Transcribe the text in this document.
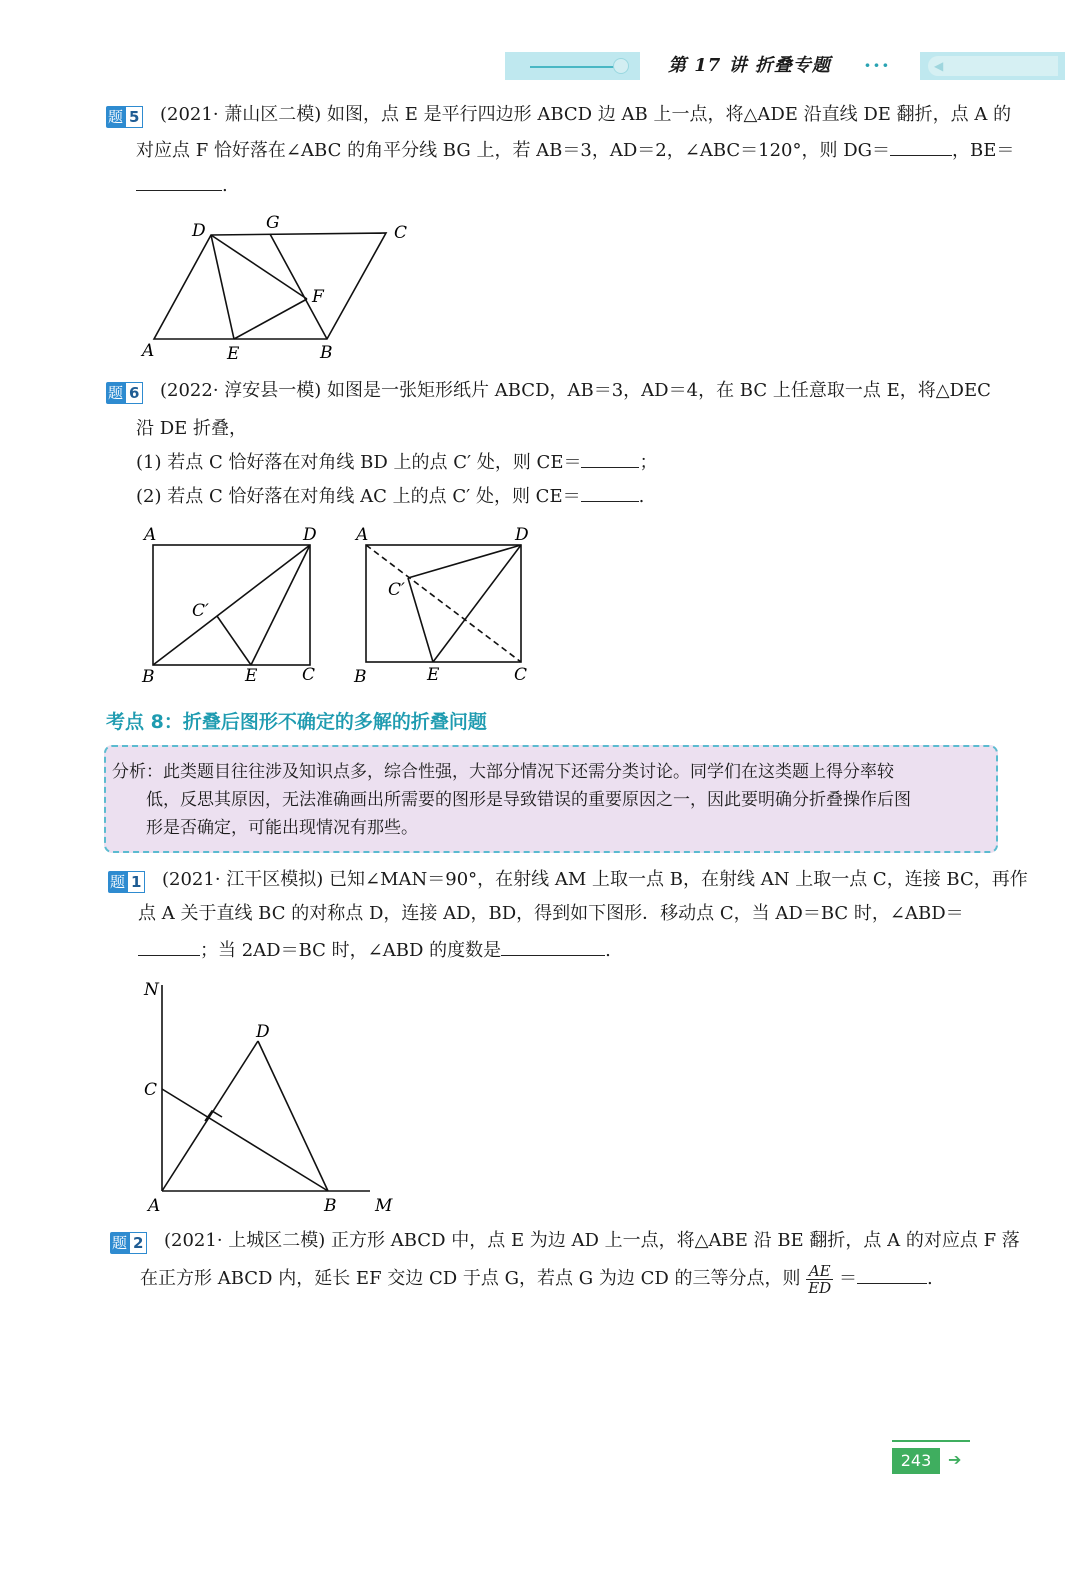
第 17 讲 折叠专题 ···	◀
题 5 (2021· 萧山区二模) 如图，点 E 是平行四边形 ABCD 边 AB 上一点，将△ADE 沿直线 DE 翻折，点 A 的
对应点 F 恰好落在∠ABC 的角平分线 BG 上，若 AB＝3，AD＝2，∠ABC＝120°，则 DG＝	，BE＝
.
D	G	C
F
A	E	B
题 6 (2022· 淳安县一模) 如图是一张矩形纸片 ABCD，AB＝3，AD＝4，在 BC 上任意取一点 E，将△DEC
沿 DE 折叠，
(1) 若点 C 恰好落在对角线 BD 上的点 C′ 处，则 CE＝	；
(2) 若点 C 恰好落在对角线 AC 上的点 C′ 处，则 CE＝	.
A	D
C′
B	E	C
A	D
C′
B	E	C
考点 8：折叠后图形不确定的多解的折叠问题
分析：此类题目往往涉及知识点多，综合性强，大部分情况下还需分类讨论。同学们在这类题上得分率较
低，反思其原因，无法准确画出所需要的图形是导致错误的重要原因之一，因此要明确分折叠操作后图
形是否确定，可能出现情况有那些。
题 1 (2021· 江干区模拟) 已知∠MAN＝90°，在射线 AM 上取一点 B，在射线 AN 上取一点 C，连接 BC，再作
点 A 关于直线 BC 的对称点 D，连接 AD，BD，得到如下图形．移动点 C，当 AD＝BC 时，∠ABD＝
；当 2AD＝BC 时，∠ABD 的度数是	.
N
D
C
A	B M
题 2 (2021· 上城区二模) 正方形 ABCD 中，点 E 为边 AD 上一点，将△ABE 沿 BE 翻折，点 A 的对应点 F 落
在正方形 ABCD 内，延长 EF 交边 CD 于点 G，若点 G 为边 CD 的三等分点，则 $\frac{AE}{ED}$ ＝	.
243	➔
